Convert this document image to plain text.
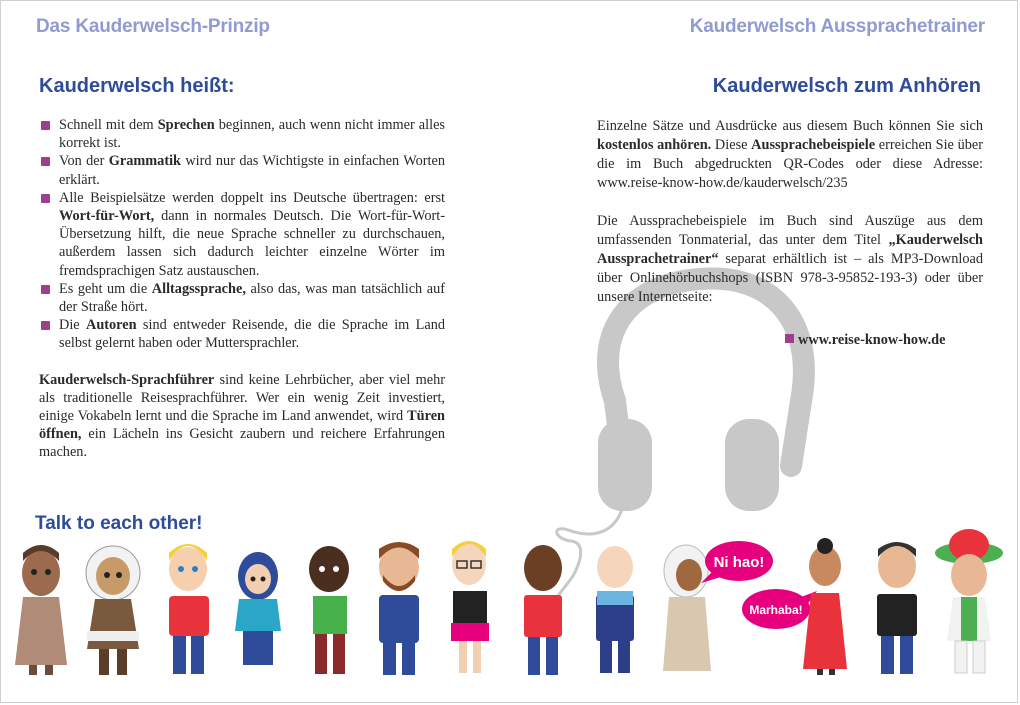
Das Kauderwelsch-Prinzip	Kauderwelsch Aussprachetrainer
Kauderwelsch heißt:	Kauderwelsch zum Anhören
Schnell mit dem Sprechen beginnen, auch wenn nicht immer alles korrekt ist.
Von der Grammatik wird nur das Wichtigste in einfachen Worten erklärt.
Alle Beispielsätze werden doppelt ins Deutsche übertragen: erst Wort-für-Wort, dann in normales Deutsch. Die Wort-für-Wort-Übersetzung hilft, die neue Sprache schneller zu durchschauen, außerdem lassen sich dadurch leichter einzelne Wörter im fremdsprachigen Satz austauschen.
Es geht um die Alltagssprache, also das, was man tatsächlich auf der Straße hört.
Die Autoren sind entweder Reisende, die die Sprache im Land selbst gelernt haben oder Muttersprachler.
Kauderwelsch-Sprachführer sind keine Lehrbücher, aber viel mehr als traditionelle Reisesprachführer. Wer ein wenig Zeit investiert, einige Vokabeln lernt und die Sprache im Land anwendet, wird Türen öffnen, ein Lächeln ins Gesicht zaubern und reichere Erfahrungen machen.

Einzelne Sätze und Ausdrücke aus diesem Buch können Sie sich kostenlos anhören. Diese Aussprachebeispiele erreichen Sie über die im Buch abgedruckten QR-Codes oder diese Adresse: www.reise-know-how.de/kauderwelsch/235

Die Aussprachebeispiele im Buch sind Auszüge aus dem umfassenden Tonmaterial, das unter dem Titel „Kauderwelsch Aussprachetrainer“ separat erhältlich ist – als MP3-Download über Onlinehörbuchshops (ISBN 978-3-95852-193-3) oder über unsere Internetseite:

www.reise-know-how.de
Talk to each other!
Ni hao!
Marhaba!
